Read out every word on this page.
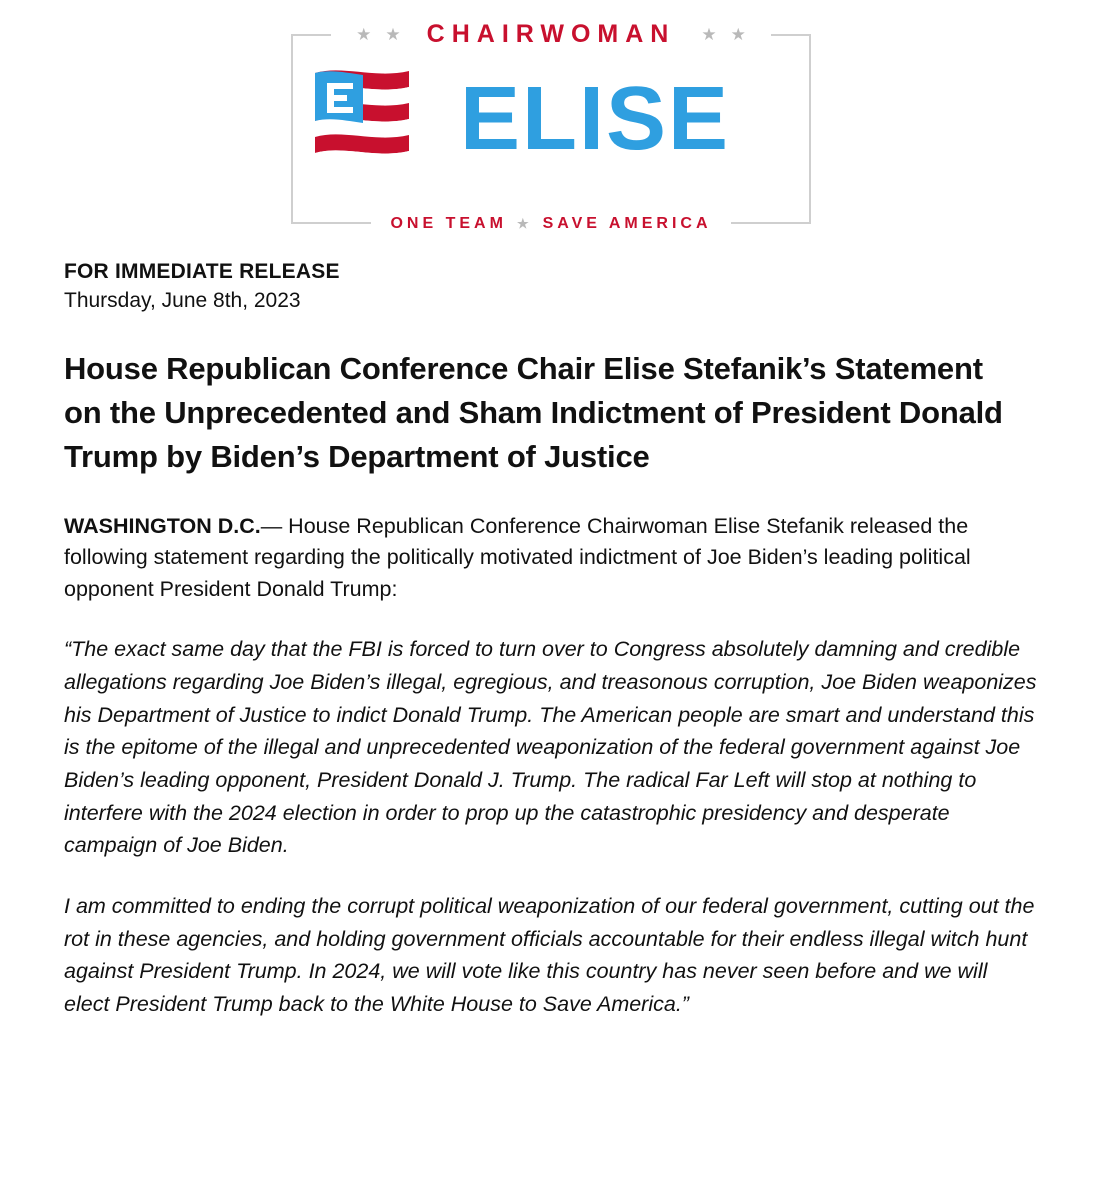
★ ★	CHAIRWOMAN	★ ★
ELISE
ONE TEAM ★ SAVE AMERICA
FOR IMMEDIATE RELEASE
Thursday, June 8th, 2023
House Republican Conference Chair Elise Stefanik’s Statement on the Unprecedented and Sham Indictment of President Donald Trump by Biden’s Department of Justice

WASHINGTON D.C.— House Republican Conference Chairwoman Elise Stefanik released the following statement regarding the politically motivated indictment of Joe Biden’s leading political opponent President Donald Trump:

“The exact same day that the FBI is forced to turn over to Congress absolutely damning and credible allegations regarding Joe Biden’s illegal, egregious, and treasonous corruption, Joe Biden weaponizes his Department of Justice to indict Donald Trump. The American people are smart and understand this is the epitome of the illegal and unprecedented weaponization of the federal government against Joe Biden’s leading opponent, President Donald J. Trump. The radical Far Left will stop at nothing to interfere with the 2024 election in order to prop up the catastrophic presidency and desperate campaign of Joe Biden.

I am committed to ending the corrupt political weaponization of our federal government, cutting out the rot in these agencies, and holding government officials accountable for their endless illegal witch hunt against President Trump. In 2024, we will vote like this country has never seen before and we will elect President Trump back to the White House to Save America.”
